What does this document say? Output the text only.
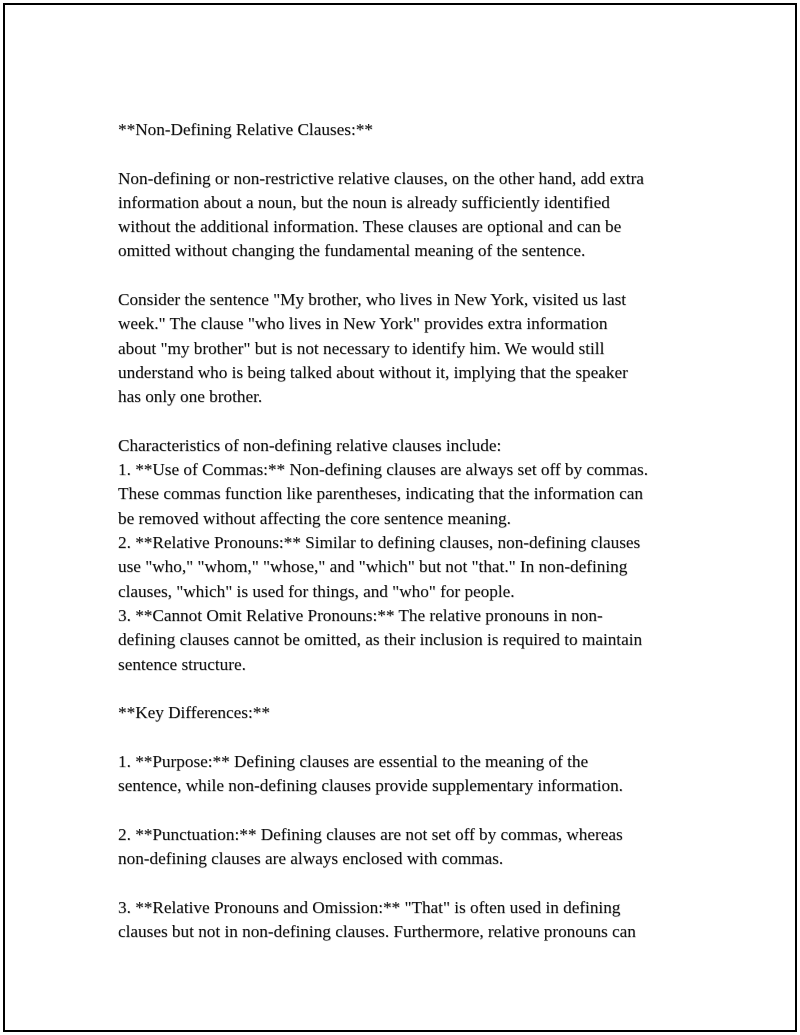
**Non-Defining Relative Clauses:**

Non-defining or non-restrictive relative clauses, on the other hand, add extra
information about a noun, but the noun is already sufficiently identified
without the additional information. These clauses are optional and can be
omitted without changing the fundamental meaning of the sentence.

Consider the sentence "My brother, who lives in New York, visited us last
week." The clause "who lives in New York" provides extra information
about "my brother" but is not necessary to identify him. We would still
understand who is being talked about without it, implying that the speaker
has only one brother.

Characteristics of non-defining relative clauses include:
1. **Use of Commas:** Non-defining clauses are always set off by commas.
These commas function like parentheses, indicating that the information can
be removed without affecting the core sentence meaning.
2. **Relative Pronouns:** Similar to defining clauses, non-defining clauses
use "who," "whom," "whose," and "which" but not "that." In non-defining
clauses, "which" is used for things, and "who" for people.
3. **Cannot Omit Relative Pronouns:** The relative pronouns in non-
defining clauses cannot be omitted, as their inclusion is required to maintain
sentence structure.

**Key Differences:**

1. **Purpose:** Defining clauses are essential to the meaning of the
sentence, while non-defining clauses provide supplementary information.

2. **Punctuation:** Defining clauses are not set off by commas, whereas
non-defining clauses are always enclosed with commas.

3. **Relative Pronouns and Omission:** "That" is often used in defining
clauses but not in non-defining clauses. Furthermore, relative pronouns can
